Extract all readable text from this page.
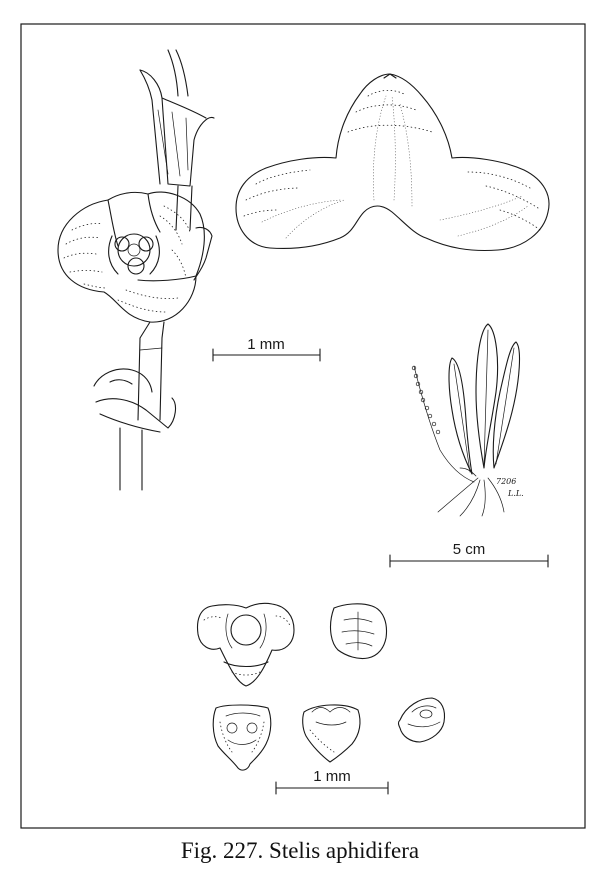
1 mm
7206
L.L.
5 cm
1 mm
Fig. 227. Stelis aphidifera
